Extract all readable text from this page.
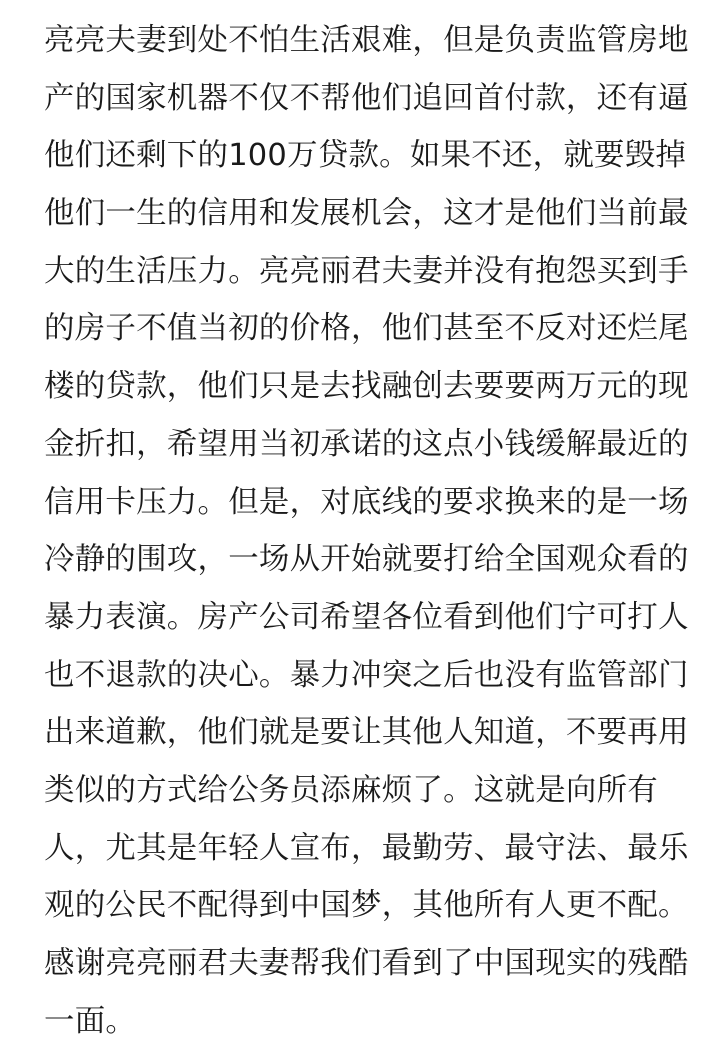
亮亮夫妻到处不怕生活艰难，但是负责监管房地
产的国家机器不仅不帮他们追回首付款，还有逼
他们还剩下的100万贷款。如果不还，就要毁掉
他们一生的信用和发展机会，这才是他们当前最
大的生活压力。亮亮丽君夫妻并没有抱怨买到手
的房子不值当初的价格，他们甚至不反对还烂尾
楼的贷款，他们只是去找融创去要要两万元的现
金折扣，希望用当初承诺的这点小钱缓解最近的
信用卡压力。但是，对底线的要求换来的是一场
冷静的围攻，一场从开始就要打给全国观众看的
暴力表演。房产公司希望各位看到他们宁可打人
也不退款的决心。暴力冲突之后也没有监管部门
出来道歉，他们就是要让其他人知道，不要再用
类似的方式给公务员添麻烦了。这就是向所有
人，尤其是年轻人宣布，最勤劳、最守法、最乐
观的公民不配得到中国梦，其他所有人更不配。
感谢亮亮丽君夫妻帮我们看到了中国现实的残酷
一面。
